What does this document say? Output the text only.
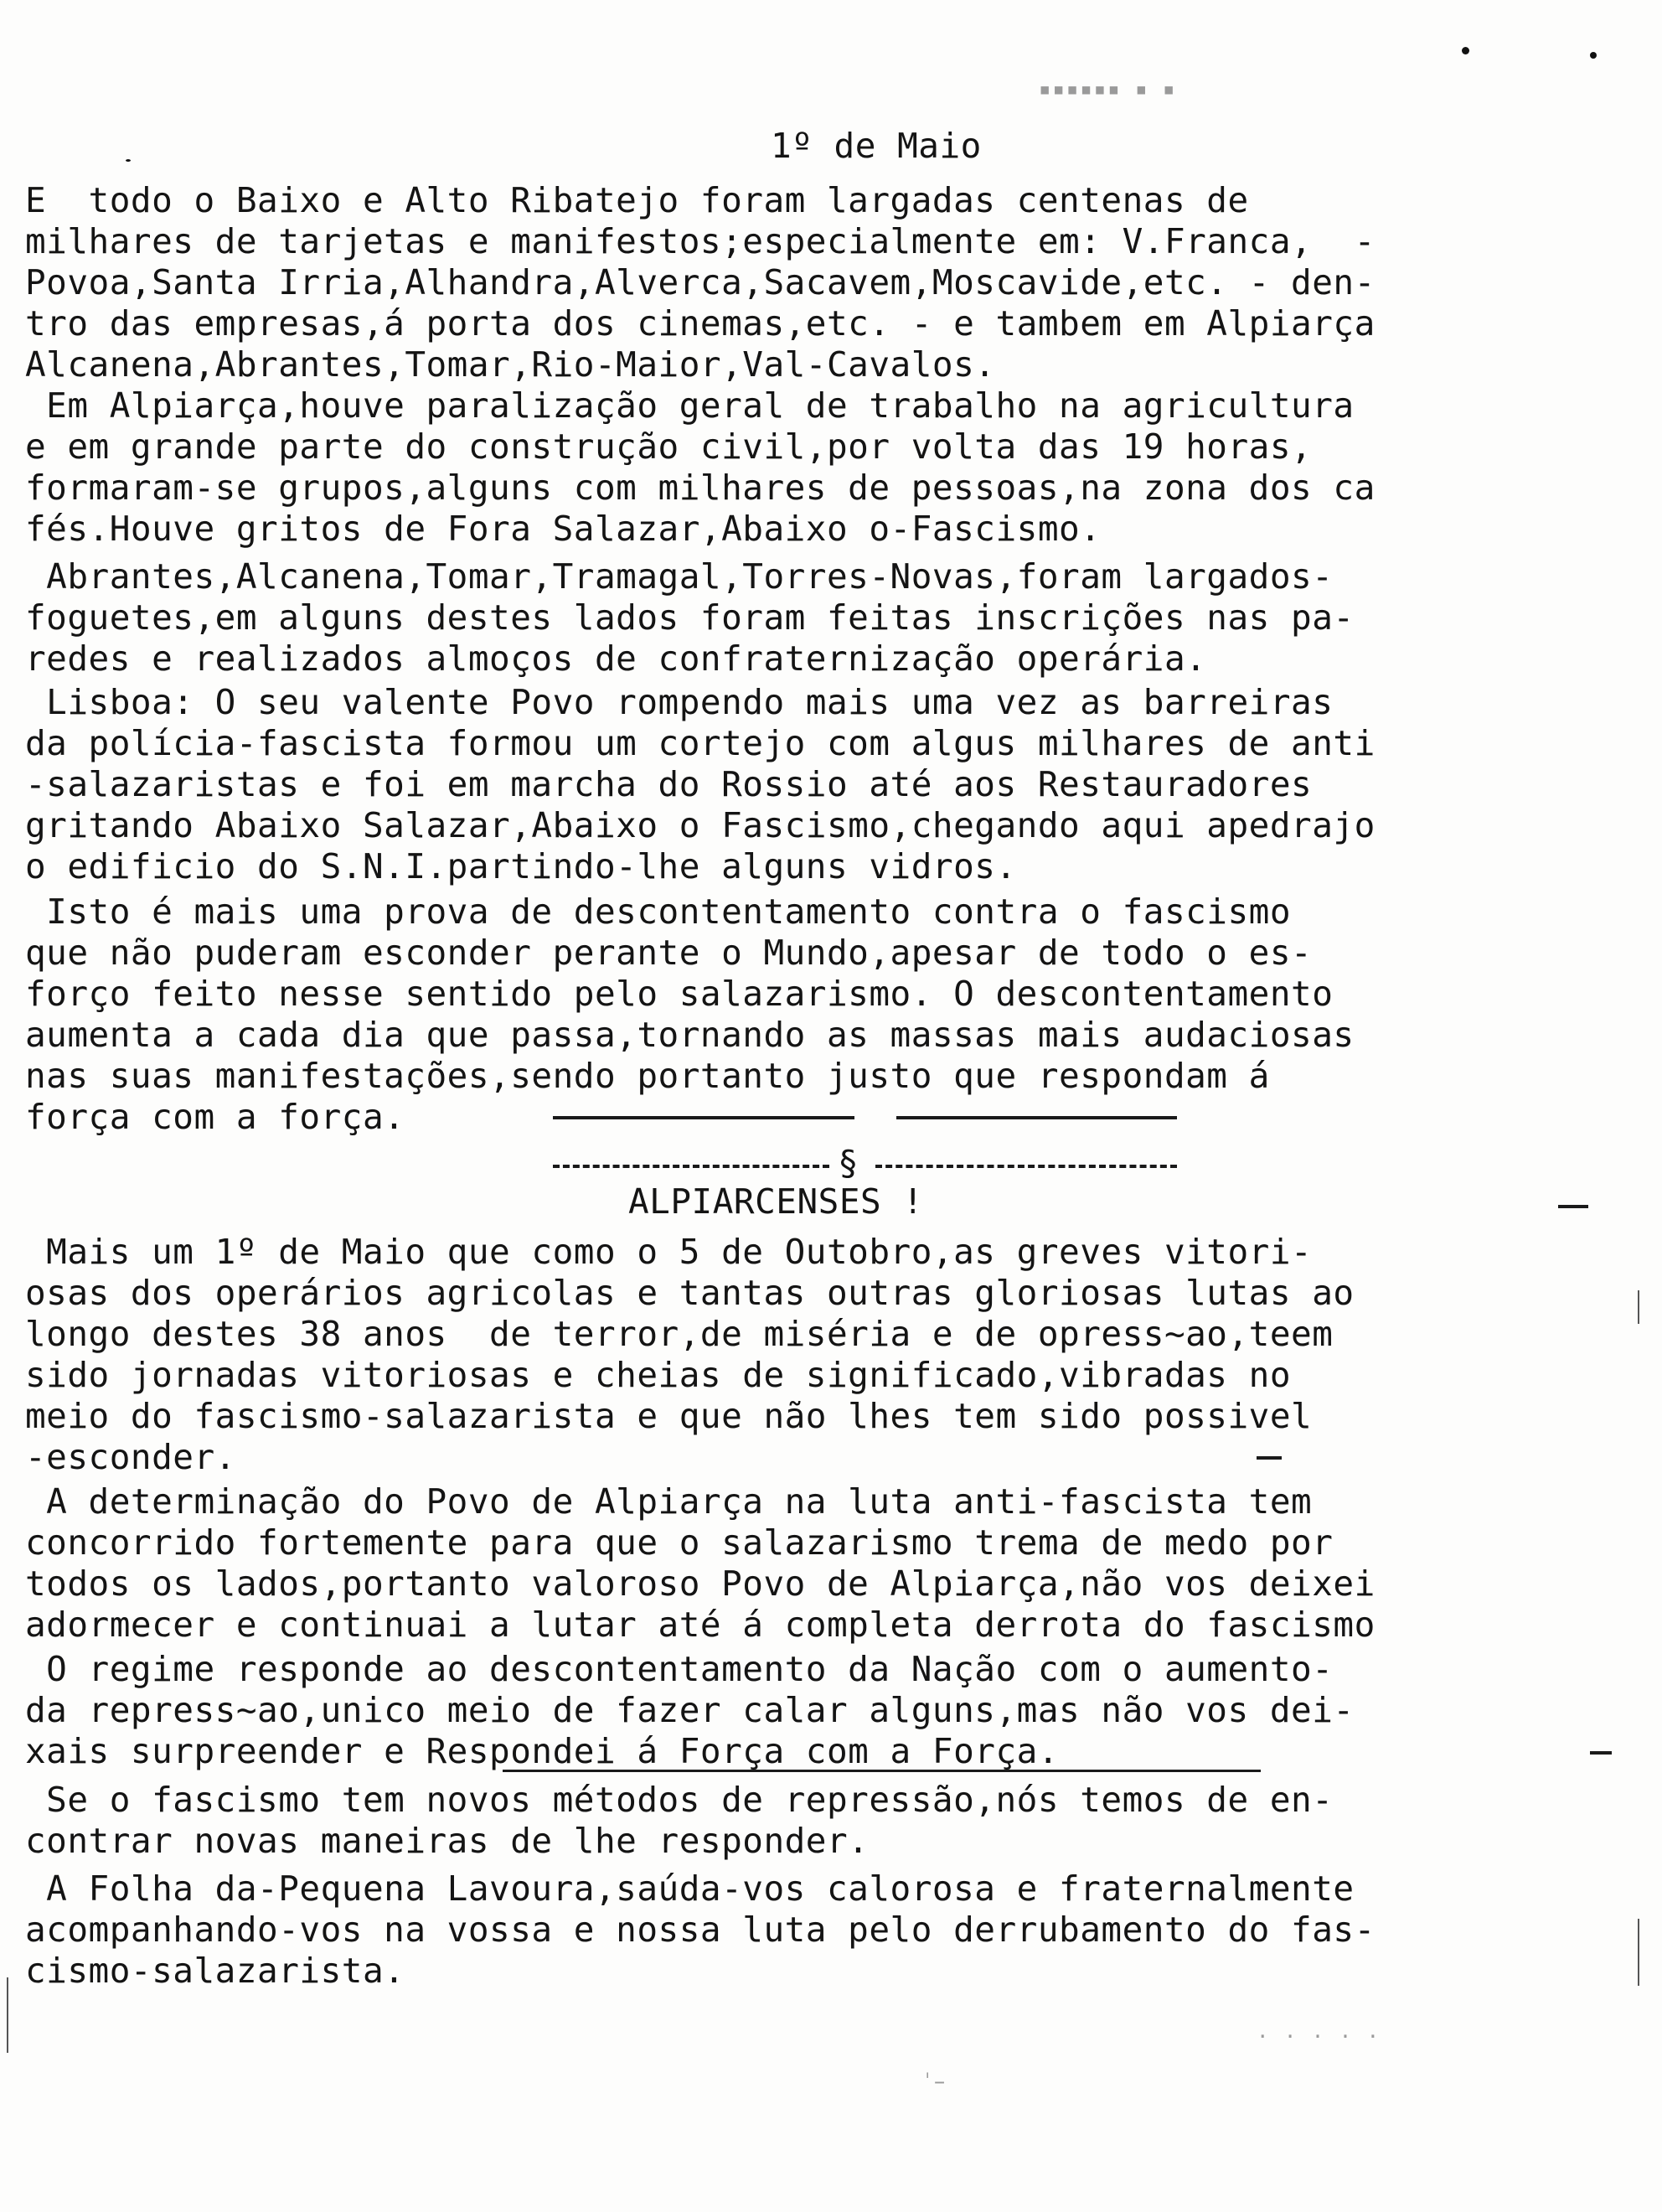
▪▪▪▪▪▪ ▪ ▪
1º de Maio
E  todo o Baixo e Alto Ribatejo foram largadas centenas de
milhares de tarjetas e manifestos;especialmente em: V.Franca,  -
Povoa,Santa Irria,Alhandra,Alverca,Sacavem,Moscavide,etc. - den-
tro das empresas,á porta dos cinemas,etc. - e tambem em Alpiarça
Alcanena,Abrantes,Tomar,Rio-Maior,Val-Cavalos.
Em Alpiarça,houve paralização geral de trabalho na agricultura
e em grande parte do construção civil,por volta das 19 horas,
formaram-se grupos,alguns com milhares de pessoas,na zona dos ca
fés.Houve gritos de Fora Salazar,Abaixo o-Fascismo.
Abrantes,Alcanena,Tomar,Tramagal,Torres-Novas,foram largados-
foguetes,em alguns destes lados foram feitas inscrições nas pa-
redes e realizados almoços de confraternização operária.
Lisboa: O seu valente Povo rompendo mais uma vez as barreiras
da polícia-fascista formou um cortejo com algus milhares de anti
-salazaristas e foi em marcha do Rossio até aos Restauradores
gritando Abaixo Salazar,Abaixo o Fascismo,chegando aqui apedrajo
o edificio do S.N.I.partindo-lhe alguns vidros.
Isto é mais uma prova de descontentamento contra o fascismo
que não puderam esconder perante o Mundo,apesar de todo o es-
forço feito nesse sentido pelo salazarismo. O descontentamento
aumenta a cada dia que passa,tornando as massas mais audaciosas
nas suas manifestações,sendo portanto justo que respondam á
força com a força.
§
ALPIARCENSES !
Mais um 1º de Maio que como o 5 de Outobro,as greves vitori-
osas dos operários agricolas e tantas outras gloriosas lutas ao
longo destes 38 anos  de terror,de miséria e de opress~ao,teem
sido jornadas vitoriosas e cheias de significado,vibradas no
meio do fascismo-salazarista e que não lhes tem sido possivel
-esconder.
A determinação do Povo de Alpiarça na luta anti-fascista tem
concorrido fortemente para que o salazarismo trema de medo por
todos os lados,portanto valoroso Povo de Alpiarça,não vos deixei
adormecer e continuai a lutar até á completa derrota do fascismo
O regime responde ao descontentamento da Nação com o aumento-
da repress~ao,unico meio de fazer calar alguns,mas não vos dei-
xais surpreender e Respondei á Força com a Força.
Se o fascismo tem novos métodos de repressão,nós temos de en-
contrar novas maneiras de lhe responder.
A Folha da-Pequena Lavoura,saúda-vos calorosa e fraternalmente
acompanhando-vos na vossa e nossa luta pelo derrubamento do fas-
cismo-salazarista.
. . . . .
ˈ̵
